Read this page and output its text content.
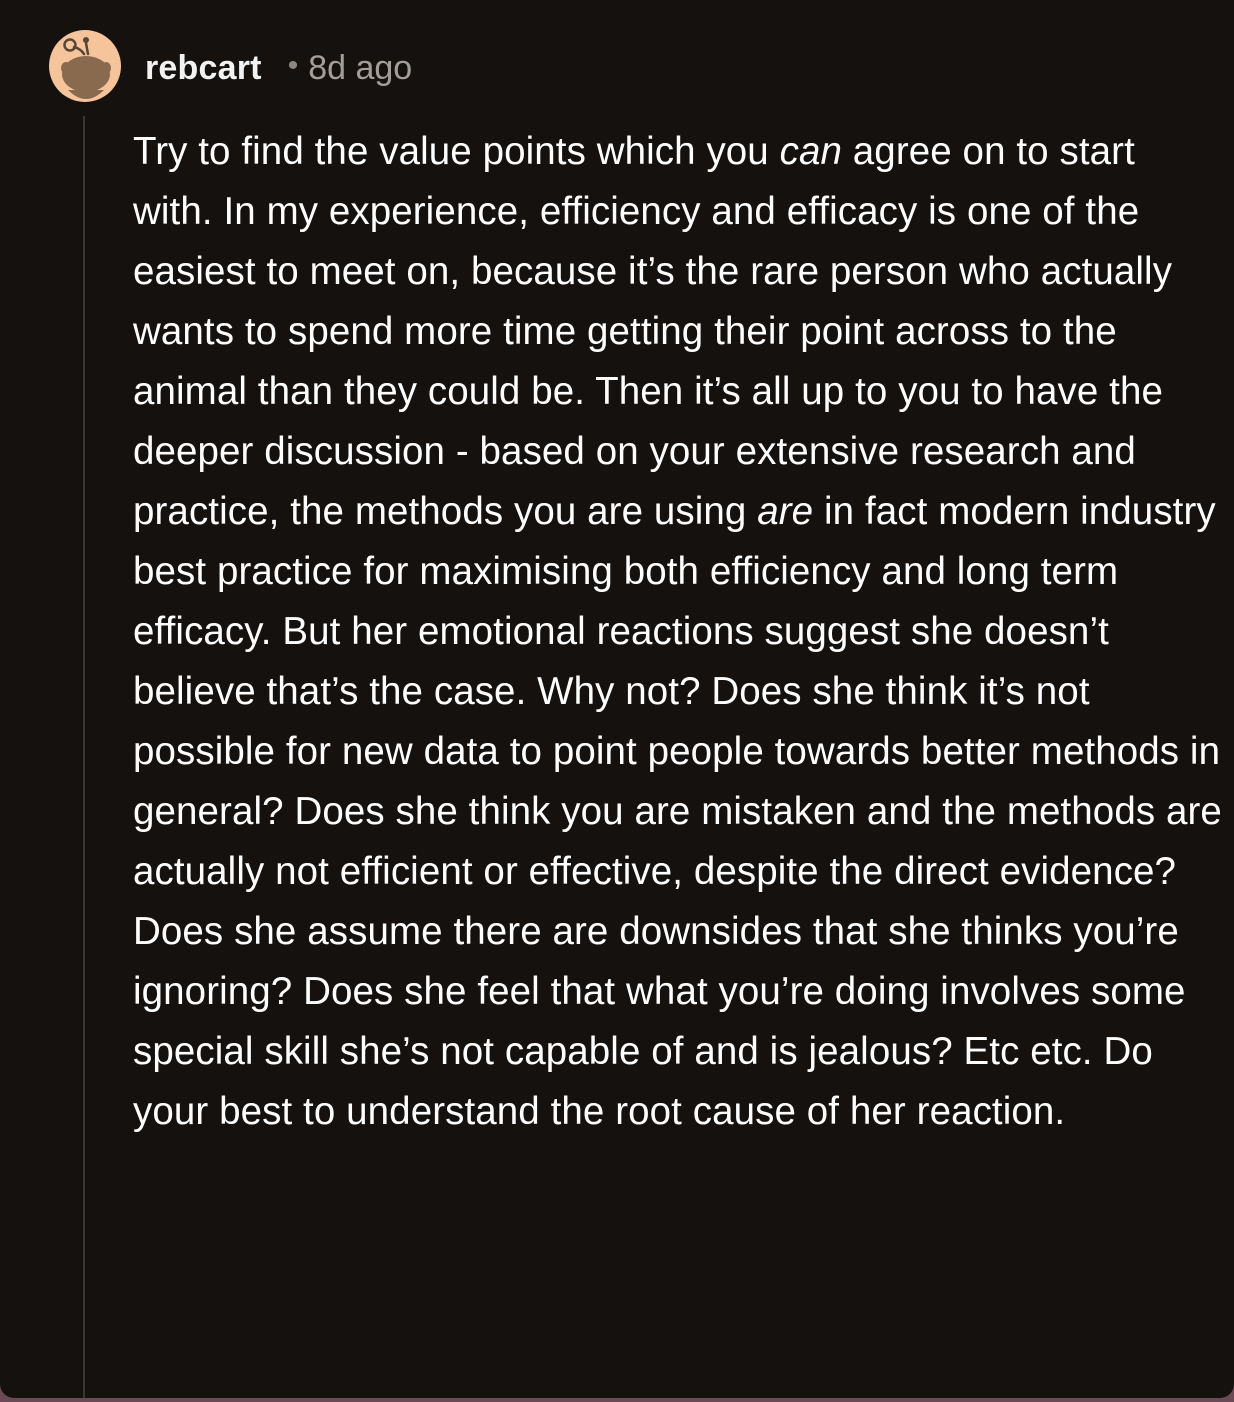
rebcart • 8d ago

Try to find the value points which you can agree on to start with. In my experience, efficiency and efficacy is one of the easiest to meet on, because it’s the rare person who actually wants to spend more time getting their point across to the animal than they could be. Then it’s all up to you to have the deeper discussion - based on your extensive research and practice, the methods you are using are in fact modern industry best practice for maximising both efficiency and long term efficacy. But her emotional reactions suggest she doesn’t believe that’s the case. Why not? Does she think it’s not possible for new data to point people towards better methods in general? Does she think you are mistaken and the methods are actually not efficient or effective, despite the direct evidence? Does she assume there are downsides that she thinks you’re ignoring? Does she feel that what you’re doing involves some special skill she’s not capable of and is jealous? Etc etc. Do your best to understand the root cause of her reaction.
